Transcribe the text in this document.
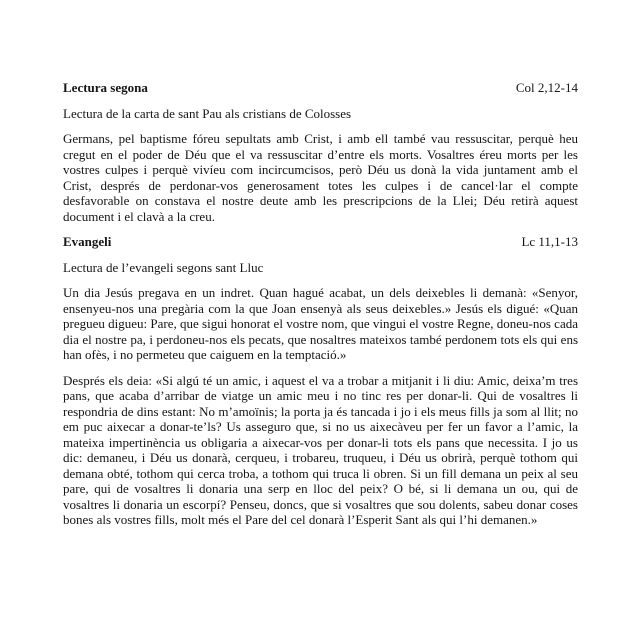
Lectura segona	Col 2,12-14
Lectura de la carta de sant Pau als cristians de Colosses

Germans, pel baptisme fóreu sepultats amb Crist, i amb ell també vau ressuscitar, perquè heu cregut en el poder de Déu que el va ressuscitar d’entre els morts. Vosaltres éreu morts per les vostres culpes i perquè vivíeu com incircumcisos, però Déu us donà la vida juntament amb el Crist, després de perdonar-vos generosament totes les culpes i de cancel·lar el compte desfavorable on constava el nostre deute amb les prescripcions de la Llei; Déu retirà aquest document i el clavà a la creu.

Evangeli	Lc 11,1-13
Lectura de l’evangeli segons sant Lluc

Un dia Jesús pregava en un indret. Quan hagué acabat, un dels deixebles li demanà: «Senyor, ensenyeu-nos una pregària com la que Joan ensenyà als seus deixebles.» Jesús els digué: «Quan pregueu digueu: Pare, que sigui honorat el vostre nom, que vingui el vostre Regne, doneu-nos cada dia el nostre pa, i perdoneu-nos els pecats, que nosaltres mateixos també perdonem tots els qui ens han ofès, i no permeteu que caiguem en la temptació.»

Després els deia: «Si algú té un amic, i aquest el va a trobar a mitjanit i li diu: Amic, deixa’m tres pans, que acaba d’arribar de viatge un amic meu i no tinc res per donar-li. Qui de vosaltres li respondria de dins estant: No m’amoïnis; la porta ja és tancada i jo i els meus fills ja som al llit; no em puc aixecar a donar-te’ls? Us asseguro que, si no us aixecàveu per fer un favor a l’amic, la mateixa impertinència us obligaria a aixecar-vos per donar-li tots els pans que necessita. I jo us dic: demaneu, i Déu us donarà, cerqueu, i trobareu, truqueu, i Déu us obrirà, perquè tothom qui demana obté, tothom qui cerca troba, a tothom qui truca li obren. Si un fill demana un peix al seu pare, qui de vosaltres li donaria una serp en lloc del peix? O bé, si li demana un ou, qui de vosaltres li donaria un escorpí? Penseu, doncs, que si vosaltres que sou dolents, sabeu donar coses bones als vostres fills, molt més el Pare del cel donarà l’Esperit Sant als qui l’hi demanen.»
